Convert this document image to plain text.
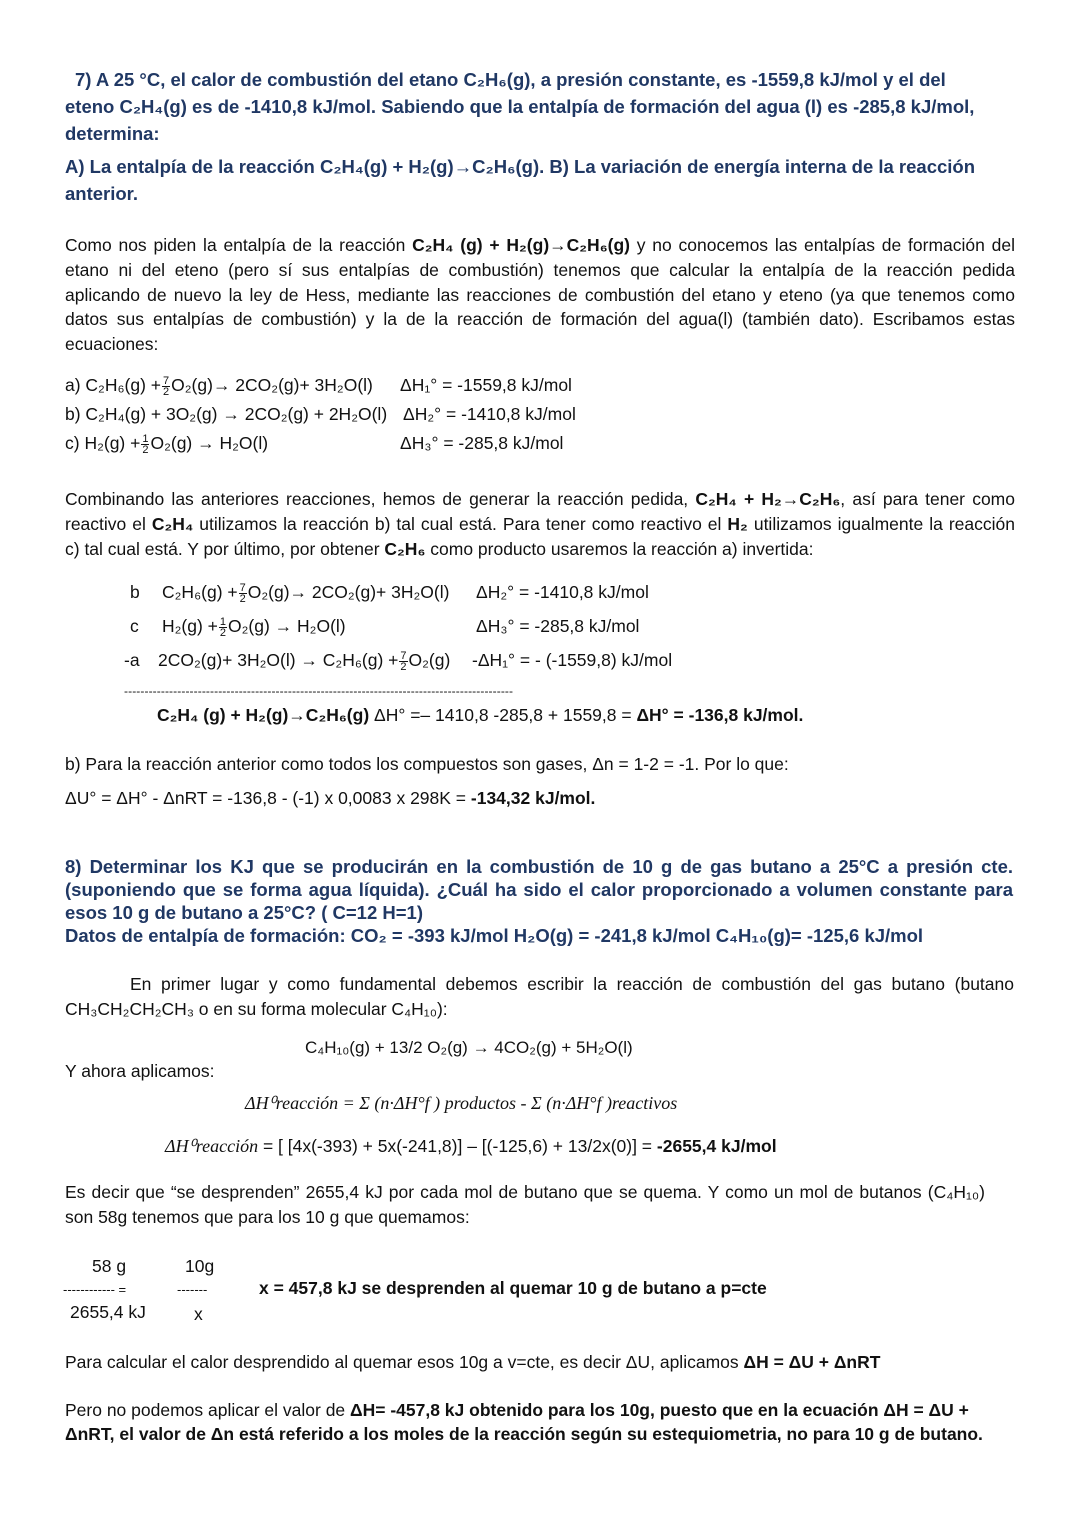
7) A 25 °C, el calor de combustión del etano C₂H₆(g), a presión constante, es -1559,8 kJ/mol y el del
eteno C₂H₄(g) es de -1410,8 kJ/mol. Sabiendo que la entalpía de formación del agua (l) es -285,8 kJ/mol,
determina:
A) La entalpía de la reacción C₂H₄(g) + H₂(g)→C₂H₆(g). B) La variación de energía interna de la reacción
anterior.
Como nos piden la entalpía de la reacción C₂H₄ (g) + H₂(g)→C₂H₆(g) y no conocemos las entalpías de formación del
etano ni del eteno (pero sí sus entalpías de combustión) tenemos que calcular la entalpía de la reacción pedida
aplicando de nuevo la ley de Hess, mediante las reacciones de combustión del etano y eteno (ya que tenemos como
datos sus entalpías de combustión) y la de la reacción de formación del agua(l) (también dato). Escribamos estas
ecuaciones:
a) $C_2H_6(g) + \frac{7}{2} O_2(g)\to 2CO_2(g)+ 3H_2O(l) \Delta H_1^\circ = -1559,8$ kJ/mol
b) C₂H₄(g) + 3O₂(g) → 2CO₂(g) + 2H₂O(l) ΔH₂° = -1410,8 kJ/mol
c) $H_2(g) + \frac{1}{2} O_2(g) \to H_2O(l)$	ΔH₃° = -285,8 kJ/mol
Combinando las anteriores reacciones, hemos de generar la reacción pedida, C₂H₄ + H₂→C₂H₆, así para tener como
reactivo el C₂H₄ utilizamos la reacción b) tal cual está. Para tener como reactivo el H₂ utilizamos igualmente la reacción
c) tal cual está. Y por último, por obtener C₂H₆ como producto usaremos la reacción a) invertida:
b $C_2H_6(g) + \frac{7}{2} O_2(g)\to 2CO_2(g)+ 3H_2O(l) \Delta H_2^\circ = -1410,8$ kJ/mol
c $H_2(g) + \frac{1}{2} O_2(g) \to H_2O(l)$	ΔH₃° = -285,8 kJ/mol
-a $2CO_2(g)+ 3H_2O(l) \to C_2H_6(g) + \frac{7}{2} O_2(g) -\Delta H_1^\circ$ = - (-1559,8) kJ/mol
-----------------------------------------------------------------------------------------------
C₂H₄ (g) + H₂(g)→C₂H₆(g) ΔH° =– 1410,8 -285,8 + 1559,8 = ΔH° = -136,8 kJ/mol.
b) Para la reacción anterior como todos los compuestos son gases, Δn = 1-2 = -1. Por lo que:
ΔU° = ΔH° - ΔnRT = -136,8 - (-1) x 0,0083 x 298K = -134,32 kJ/mol.
8) Determinar los KJ que se producirán en la combustión de 10 g de gas butano a 25°C a presión cte.
(suponiendo que se forma agua líquida). ¿Cuál ha sido el calor proporcionado a volumen constante para
esos 10 g de butano a 25°C? ( C=12 H=1)
Datos de entalpía de formación: CO₂ = -393 kJ/mol H₂O(g) = -241,8 kJ/mol C₄H₁₀(g)= -125,6 kJ/mol
En primer lugar y como fundamental debemos escribir la reacción de combustión del gas butano (butano
CH₃CH₂CH₂CH₃ o en su forma molecular C₄H₁₀):
C₄H₁₀(g) + 13/2 O₂(g) → 4CO₂(g) + 5H₂O(l)
Y ahora aplicamos:
ΔH⁰reacción = Σ (n·ΔH°f ) productos - Σ (n·ΔH°f )reactivos
ΔH⁰reacción = [ [4x(-393) + 5x(-241,8)] – [(-125,6) + 13/2x(0)] = -2655,4 kJ/mol
Es decir que “se desprenden” 2655,4 kJ por cada mol de butano que se quema. Y como un mol de butanos (C₄H₁₀)
son 58g tenemos que para los 10 g que quemamos:
58 g	10g
------------ =	-------	x = 457,8 kJ se desprenden al quemar 10 g de butano a p=cte
2655,4 kJ	x
Para calcular el calor desprendido al quemar esos 10g a v=cte, es decir ΔU, aplicamos ΔH = ΔU + ΔnRT
Pero no podemos aplicar el valor de ΔH= -457,8 kJ obtenido para los 10g, puesto que en la ecuación ΔH = ΔU +
ΔnRT, el valor de Δn está referido a los moles de la reacción según su estequiometria, no para 10 g de butano.
